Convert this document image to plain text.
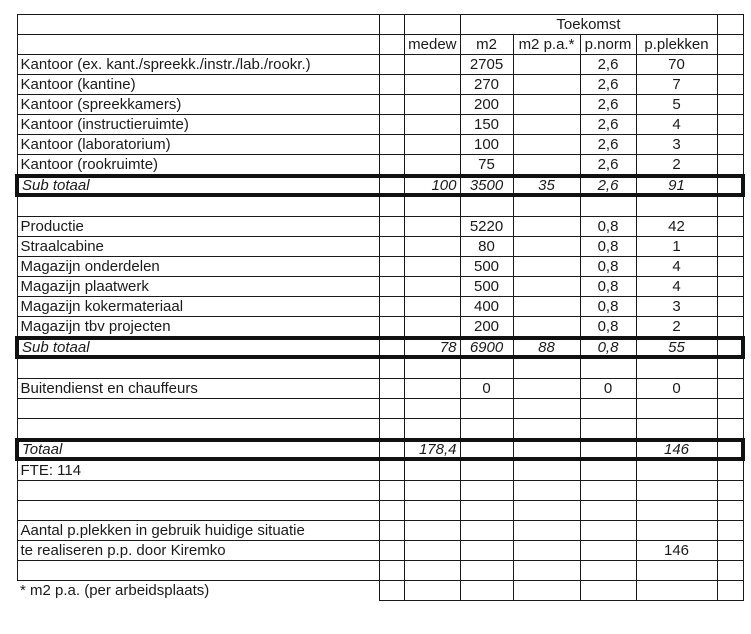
			Toekomst				
		medew	m2	m2 p.a.*	p.norm	p.plekken	
Kantoor (ex. kant./spreekk./instr./lab./rookr.)			2705		2,6	70	
Kantoor (kantine)			270		2,6	7	
Kantoor (spreekkamers)			200		2,6	5	
Kantoor (instructieruimte)			150		2,6	4	
Kantoor (laboratorium)			100		2,6	3	
Kantoor (rookruimte)			75		2,6	2	
Sub totaal		100	3500	35	2,6	91	

Productie			5220		0,8	42	
Straalcabine			80		0,8	1	
Magazijn onderdelen			500		0,8	4	
Magazijn plaatwerk			500		0,8	4	
Magazijn kokermateriaal			400		0,8	3	
Magazijn tbv projecten			200		0,8	2	
Sub totaal		78	6900	88	0,8	55	

Buitendienst en chauffeurs			0		0	0	

Totaal		178,4				146	
FTE: 114							

Aantal p.plekken in gebruik huidige situatie							
te realiseren p.p. door Kiremko						146	

* m2 p.a. (per arbeidsplaats)							
